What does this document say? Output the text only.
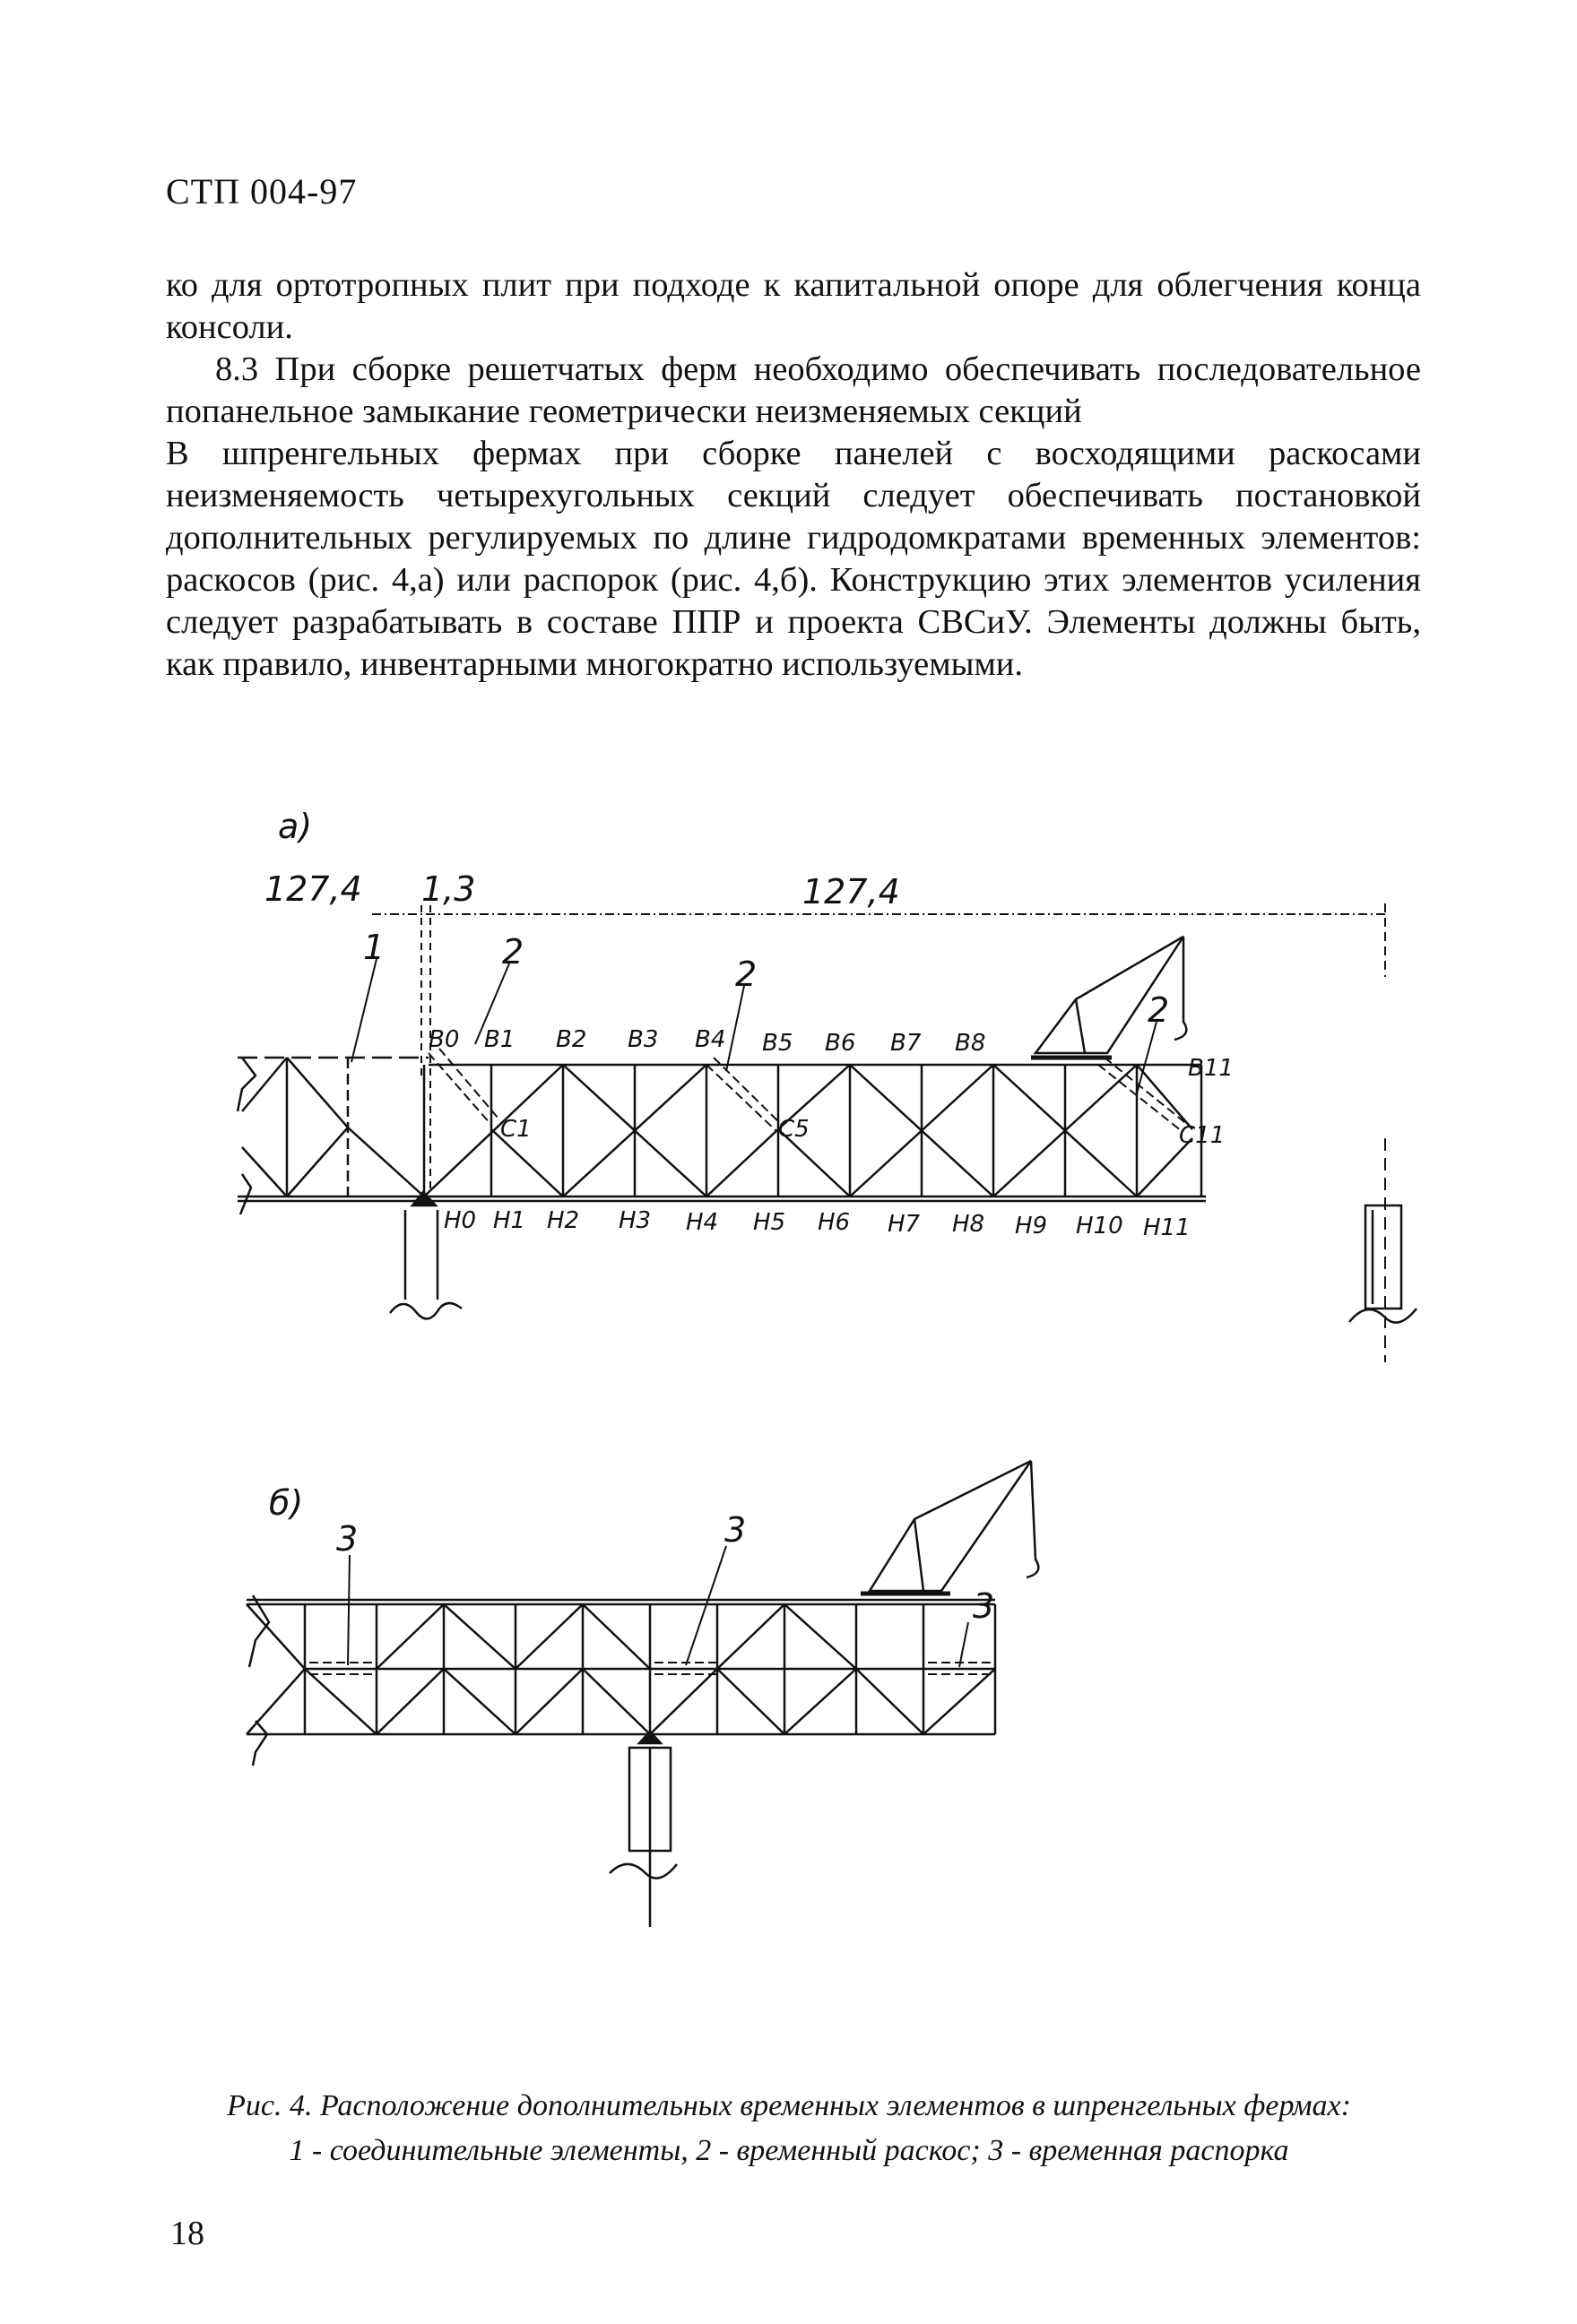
СТП 004-97

ко для ортотропных плит при подходе к капитальной опоре для облегчения конца консоли.

8.3 При сборке решетчатых ферм необходимо обеспечивать последовательное попанельное замыкание геометрически неизменяемых секций

В шпренгельных фермах при сборке панелей с восходящими раскосами неизменяемость четырехугольных секций следует обеспечивать постановкой дополнительных регулируемых по длине гидродомкратами временных элементов: раскосов (рис. 4,а) или распорок (рис. 4,б). Конструкцию этих элементов усиления следует разрабатывать в составе ППР и проекта СВСиУ. Элементы должны быть, как правило, инвентарными многократно используемыми.

а)
127,4 1,3	127,4
1	2
2
2
В0 В1 В2 В3 В4 В5 В6 В7 В8
В11
С1	С5	С11
Н0 Н1 Н2 Н3 Н4 Н5 Н6 Н7 Н8 Н9 Н10 Н11
б)
3	3
3
Рис. 4. Расположение дополнительных временных элементов в шпренгельных фермах:
1 - соединительные элементы, 2 - временный раскос; 3 - временная распорка
18
